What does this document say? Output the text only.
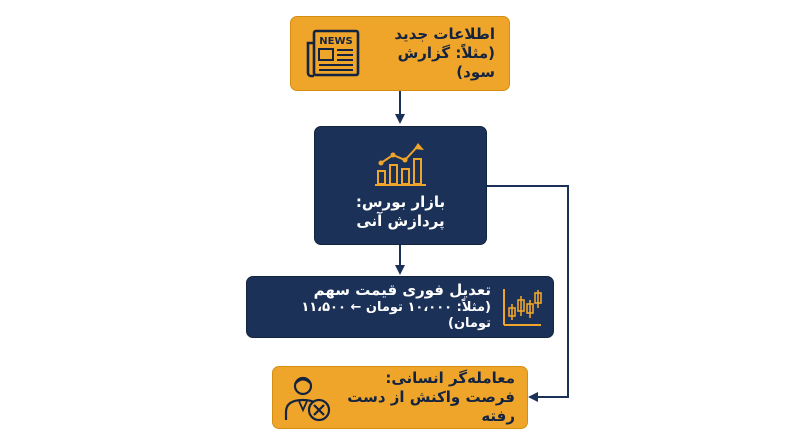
NEWS	اطلاعات جدید
(مثلاً: گزارش سود)
بازار بورس:
پردازش آنی
تعدیل فوری قیمت سهم
(مثلاً: ۱۰،۰۰۰ تومان ← ۱۱،۵۰۰ تومان)
معامله‌گر انسانی:
فرصت واکنش از دست رفته
